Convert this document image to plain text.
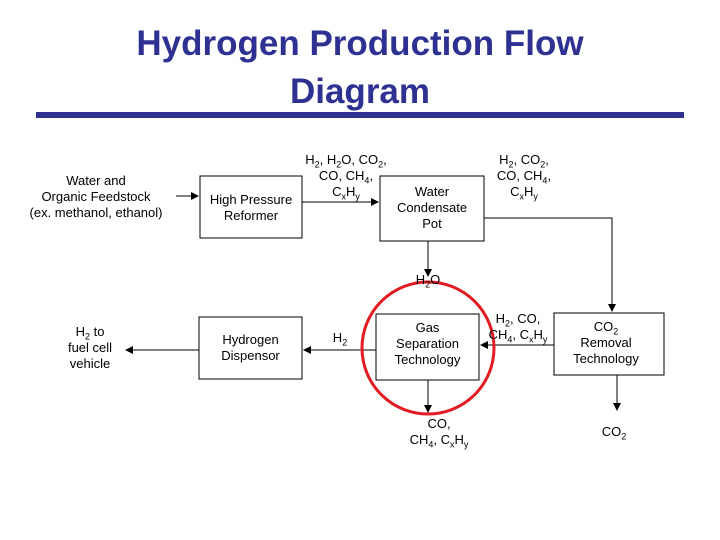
Hydrogen Production Flow
Diagram
Water and
Organic Feedstock
(ex. methanol, ethanol)
High Pressure
Reformer
Water
Condensate
Pot
Gas
Separation
Technology
$CO_2$
Removal
Technology
Hydrogen
Dispensor
$H_2$ to
fuel cell
vehicle
$H_2$, $H_2O$, $CO_2$,
CO, $CH_4$,
$C_xH_y$
$H_2$, $CO_2$,
CO, $CH_4$,
$C_xH_y$
$H_2O$
$H_2$, CO,
$CH_4$, $C_xH_y$
$H_2$
CO,
$CH_4$, $C_xH_y$
$CO_2$
